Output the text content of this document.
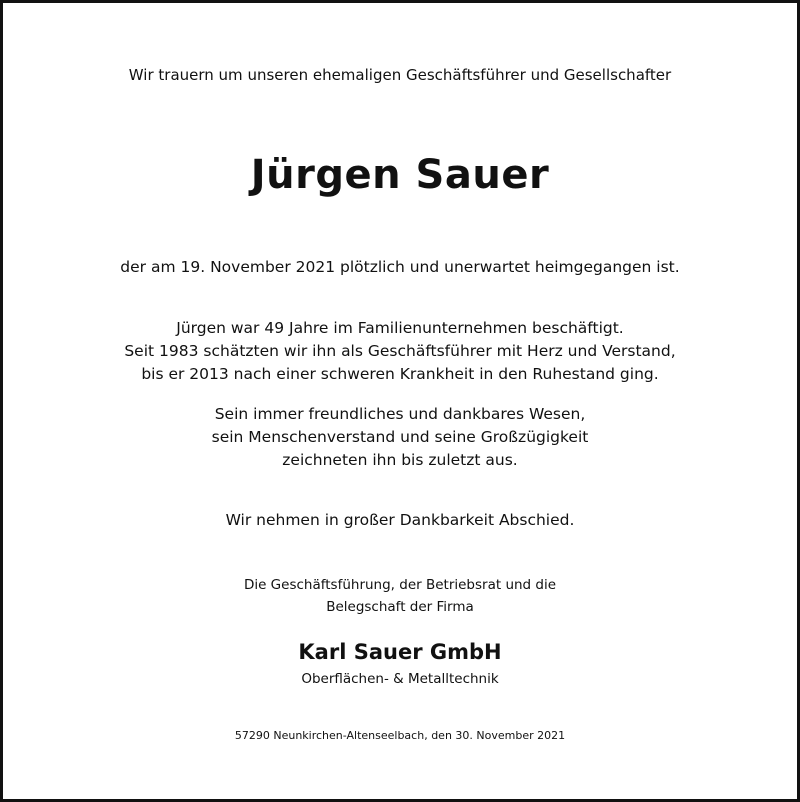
Wir trauern um unseren ehemaligen Geschäftsführer und Gesellschafter
Jürgen Sauer
der am 19. November 2021 plötzlich und unerwartet heimgegangen ist.
Jürgen war 49 Jahre im Familienunternehmen beschäftigt.
Seit 1983 schätzten wir ihn als Geschäftsführer mit Herz und Verstand,
bis er 2013 nach einer schweren Krankheit in den Ruhestand ging.
Sein immer freundliches und dankbares Wesen,
sein Menschenverstand und seine Großzügigkeit
zeichneten ihn bis zuletzt aus.
Wir nehmen in großer Dankbarkeit Abschied.
Die Geschäftsführung, der Betriebsrat und die
Belegschaft der Firma
Karl Sauer GmbH
Oberflächen- & Metalltechnik
57290 Neunkirchen-Altenseelbach, den 30. November 2021
